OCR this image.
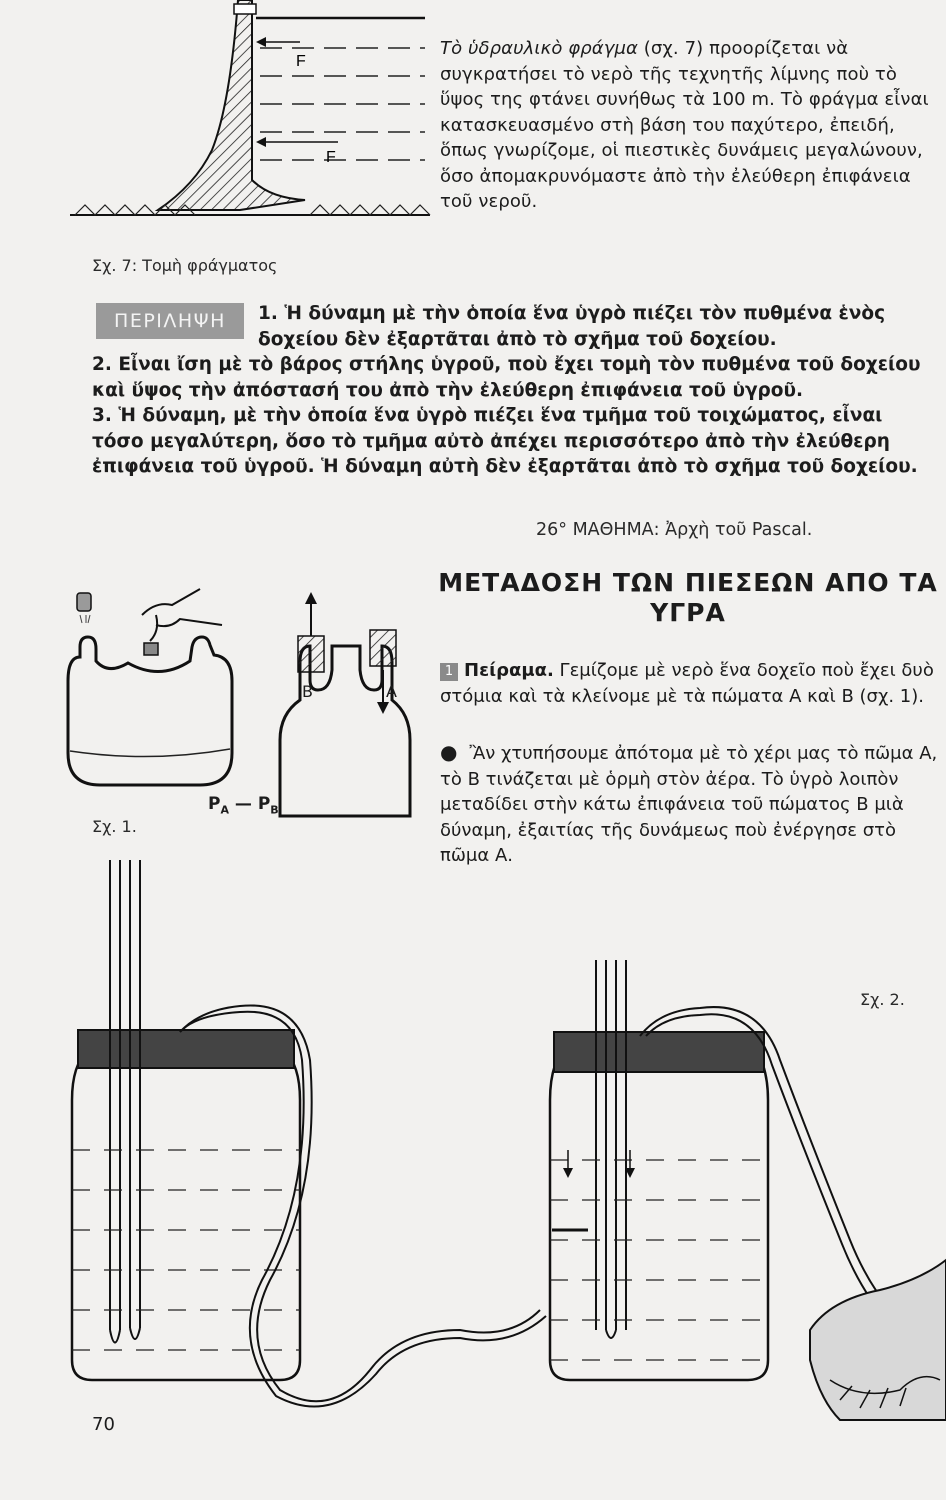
F
F
Σχ. 7: Τομὴ φράγματος
Τὸ ὑδραυλικὸ φράγμα (σχ. 7) προορίζεται νὰ συγκρατήσει τὸ νερὸ τῆς τεχνητῆς λίμνης ποὺ τὸ ὕψος της φτάνει συνήθως τὰ 100 m. Τὸ φράγμα εἶναι κατασκευασμένο στὴ βάση του παχύτερο, ἐπειδή, ὅπως γνωρίζομε, οἱ πιεστικὲς δυνάμεις μεγαλώνουν, ὅσο ἀπομακρυνόμαστε ἀπὸ τὴν ἐλεύθερη ἐπιφάνεια τοῦ νεροῦ.
ΠΕΡΙΛΗΨΗ	1. Ἡ δύναμη μὲ τὴν ὁποία ἕνα ὑγρὸ πιέζει τὸν πυθμένα ἑνὸς δοχείου δὲν ἐξαρτᾶται ἀπὸ τὸ σχῆμα τοῦ δοχείου.
2. Εἶναι ἴση μὲ τὸ βάρος στήλης ὑγροῦ, ποὺ ἔχει τομὴ τὸν πυθμένα τοῦ δοχείου καὶ ὕψος τὴν ἀπόστασή του ἀπὸ τὴν ἐλεύθερη ἐπιφάνεια τοῦ ὑγροῦ.
3. Ἡ δύναμη, μὲ τὴν ὁποία ἕνα ὑγρὸ πιέζει ἕνα τμῆμα τοῦ τοιχώματος, εἶναι τόσο μεγαλύτερη, ὅσο τὸ τμῆμα αὐτὸ ἀπέχει περισσότερο ἀπὸ τὴν ἐλεύθερη ἐπιφάνεια τοῦ ὑγροῦ. Ἡ δύναμη αὐτὴ δὲν ἐξαρτᾶται ἀπὸ τὸ σχῆμα τοῦ δοχείου.
26° ΜΑΘΗΜΑ: Ἀρχὴ τοῦ Pascal.
ΜΕΤΑΔΟΣΗ ΤΩΝ ΠΙΕΣΕΩΝ ΑΠΟ ΤΑ ΥΓΡΑ
Σχ. 1.
Β	Α
$P_A$ — $P_B$
1 Πείραμα. Γεμίζομε μὲ νερὸ ἕνα δοχεῖο ποὺ ἔχει δυὸ στόμια καὶ τὰ κλείνομε μὲ τὰ πώματα Α καὶ Β (σχ. 1).
● Ἂν χτυπήσουμε ἀπότομα μὲ τὸ χέρι μας τὸ πῶμα Α, τὸ Β τινάζεται μὲ ὁρμὴ στὸν ἀέρα. Τὸ ὑγρὸ λοιπὸν μεταδίδει στὴν κάτω ἐπιφάνεια τοῦ πώματος Β μιὰ δύναμη, ἐξαιτίας τῆς δυνάμεως ποὺ ἐνέργησε στὸ πῶμα Α.
Σχ. 2.
70
